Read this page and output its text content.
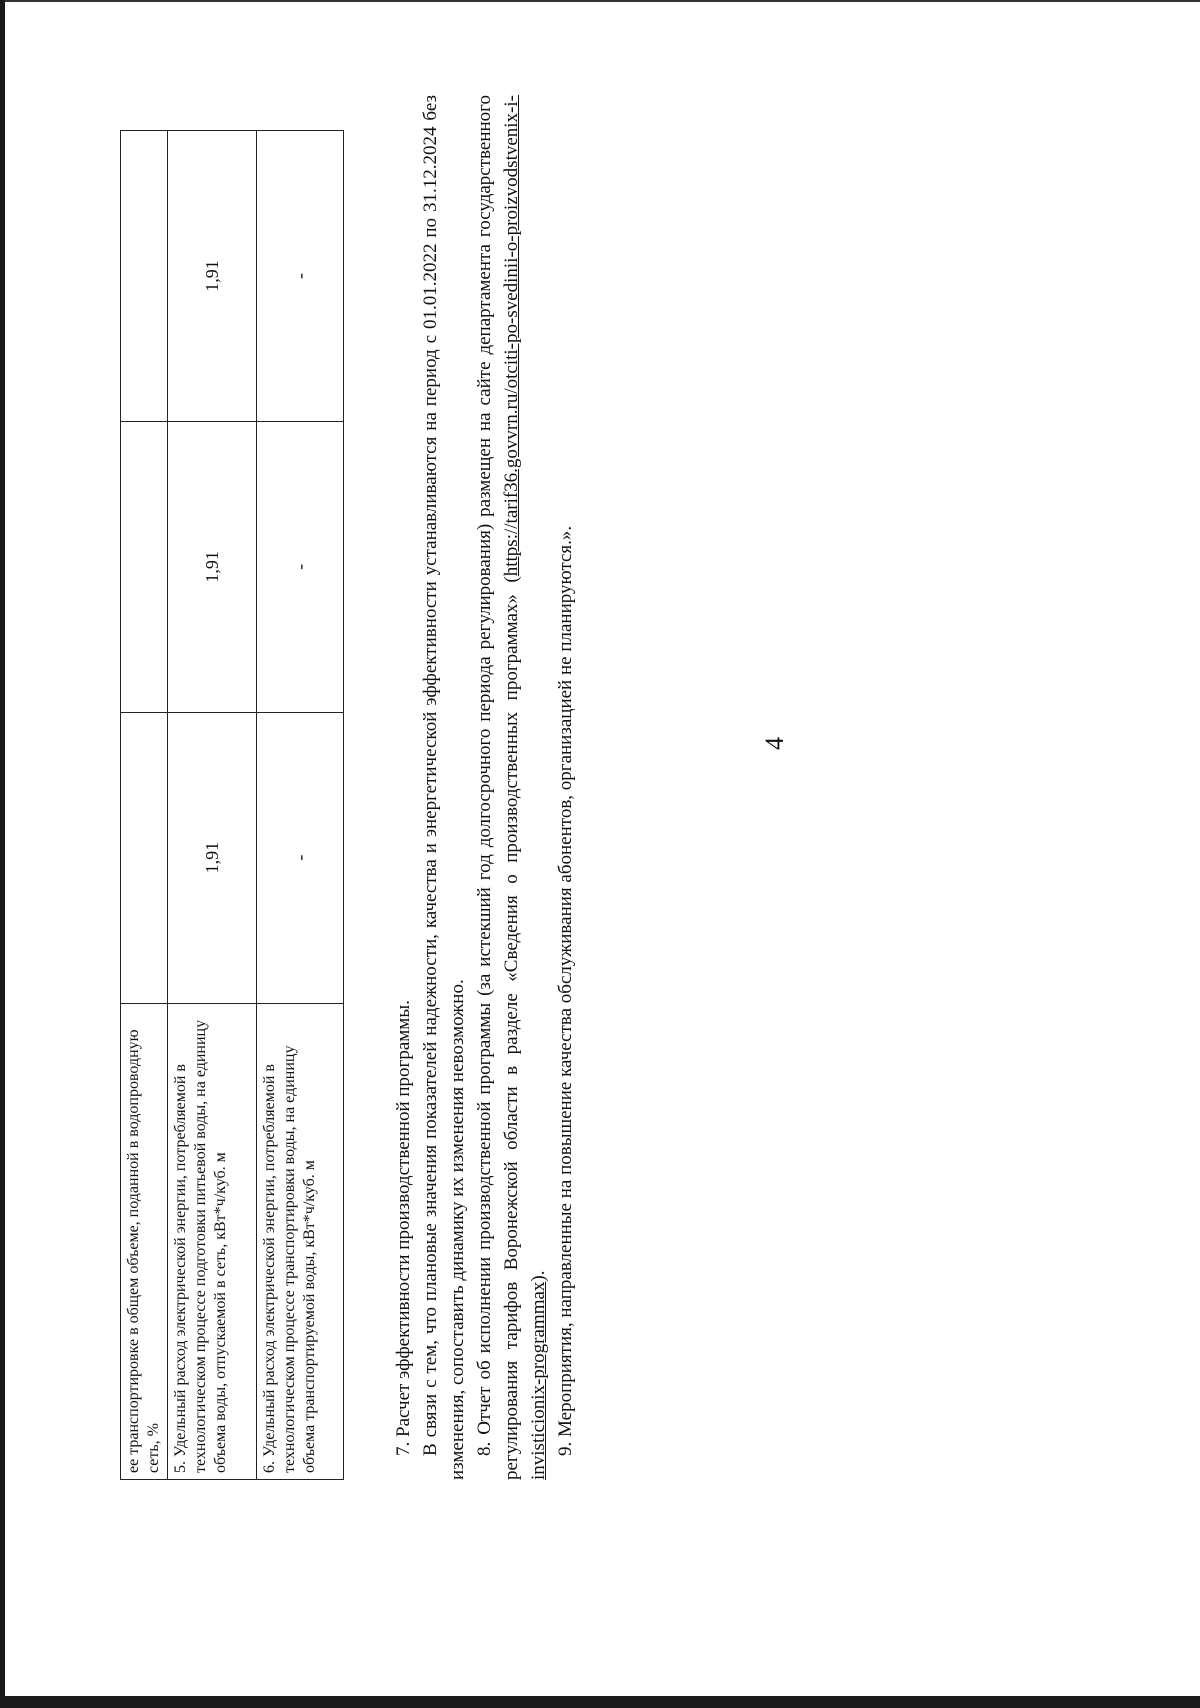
4
ее транспортировке в общем объеме, поданной в водопроводную сеть, %			
5. Удельный расход электрической энергии, потребляемой в технологическом процессе подготовки питьевой воды, на единицу объема воды, отпускаемой в сеть, кВт*ч/куб. м	1,91	1,91	1,91
6. Удельный расход электрической энергии, потребляемой в технологическом процессе транспортировки воды, на единицу объема транспортируемой воды, кВт*ч/куб. м	-	-	-

7. Расчет эффективности производственной программы. В связи с тем, что плановые значения показателей надежности, качества и энергетической эффективности устанавливаются на период с 01.01.2022 по 31.12.2024 без изменения, сопоставить динамику их изменения невозможно. 8. Отчет об исполнении производственной программы (за истекший год долгосрочного периода регулирования) размещен на сайте департамента государственного регулирования тарифов Воронежской области в разделе «Сведения о производственных программах» (https://tarif36.govvrn.ru/otciti-po-svedinii-o-proizvodstvenix-i-invisticionix-programmax). 9. Мероприятия, направленные на повышение качества обслуживания абонентов, организацией не планируются.».
